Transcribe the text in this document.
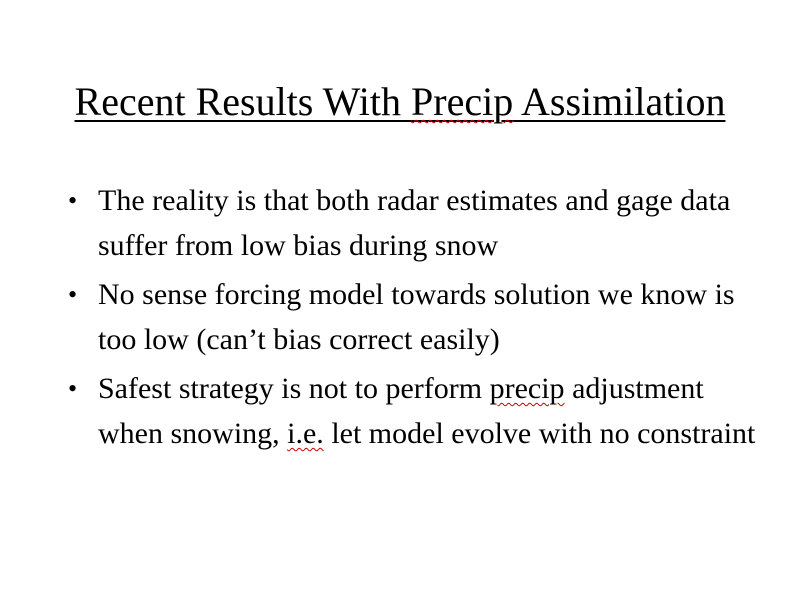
Recent Results With Precip Assimilation
• The reality is that both radar estimates and gage data suffer from low bias during snow
• No sense forcing model towards solution we know is too low (can’t bias correct easily)
• Safest strategy is not to perform precip adjustment when snowing, i.e. let model evolve with no constraint
